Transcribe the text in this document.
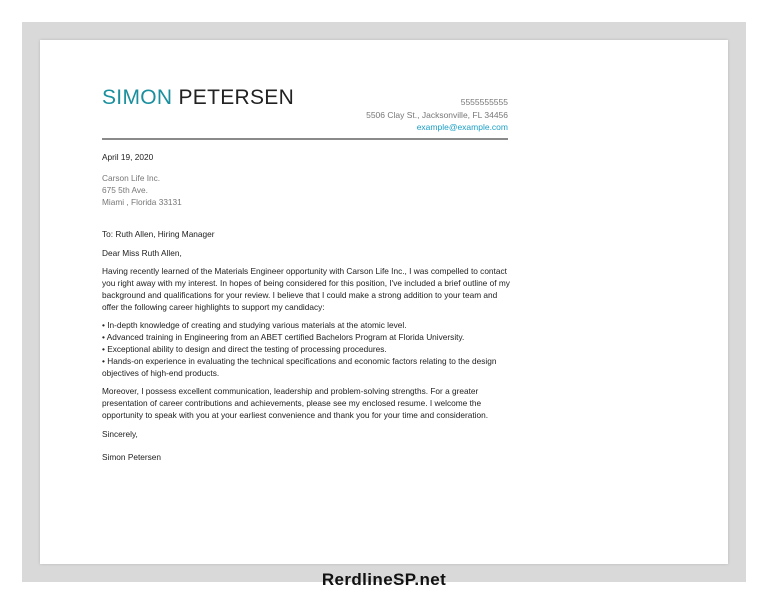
SIMON PETERSEN	5555555555
5506 Clay St., Jacksonville, FL 34456
example@example.com
April 19, 2020
Carson Life Inc.
675 5th Ave.
Miami , Florida 33131
To: Ruth Allen, Hiring Manager
Dear Miss Ruth Allen,
Having recently learned of the Materials Engineer opportunity with Carson Life Inc., I was compelled to contact you right away with my interest. In hopes of being considered for this position, I've included a brief outline of my background and qualifications for your review. I believe that I could make a strong addition to your team and offer the following career highlights to support my candidacy:
• In-depth knowledge of creating and studying various materials at the atomic level.
• Advanced training in Engineering from an ABET certified Bachelors Program at Florida University.
• Exceptional ability to design and direct the testing of processing procedures.
• Hands-on experience in evaluating the technical specifications and economic factors relating to the design objectives of high-end products.
Moreover, I possess excellent communication, leadership and problem-solving strengths. For a greater presentation of career contributions and achievements, please see my enclosed resume. I welcome the opportunity to speak with you at your earliest convenience and thank you for your time and consideration.
Sincerely,
Simon Petersen
RerdlineSP.net
